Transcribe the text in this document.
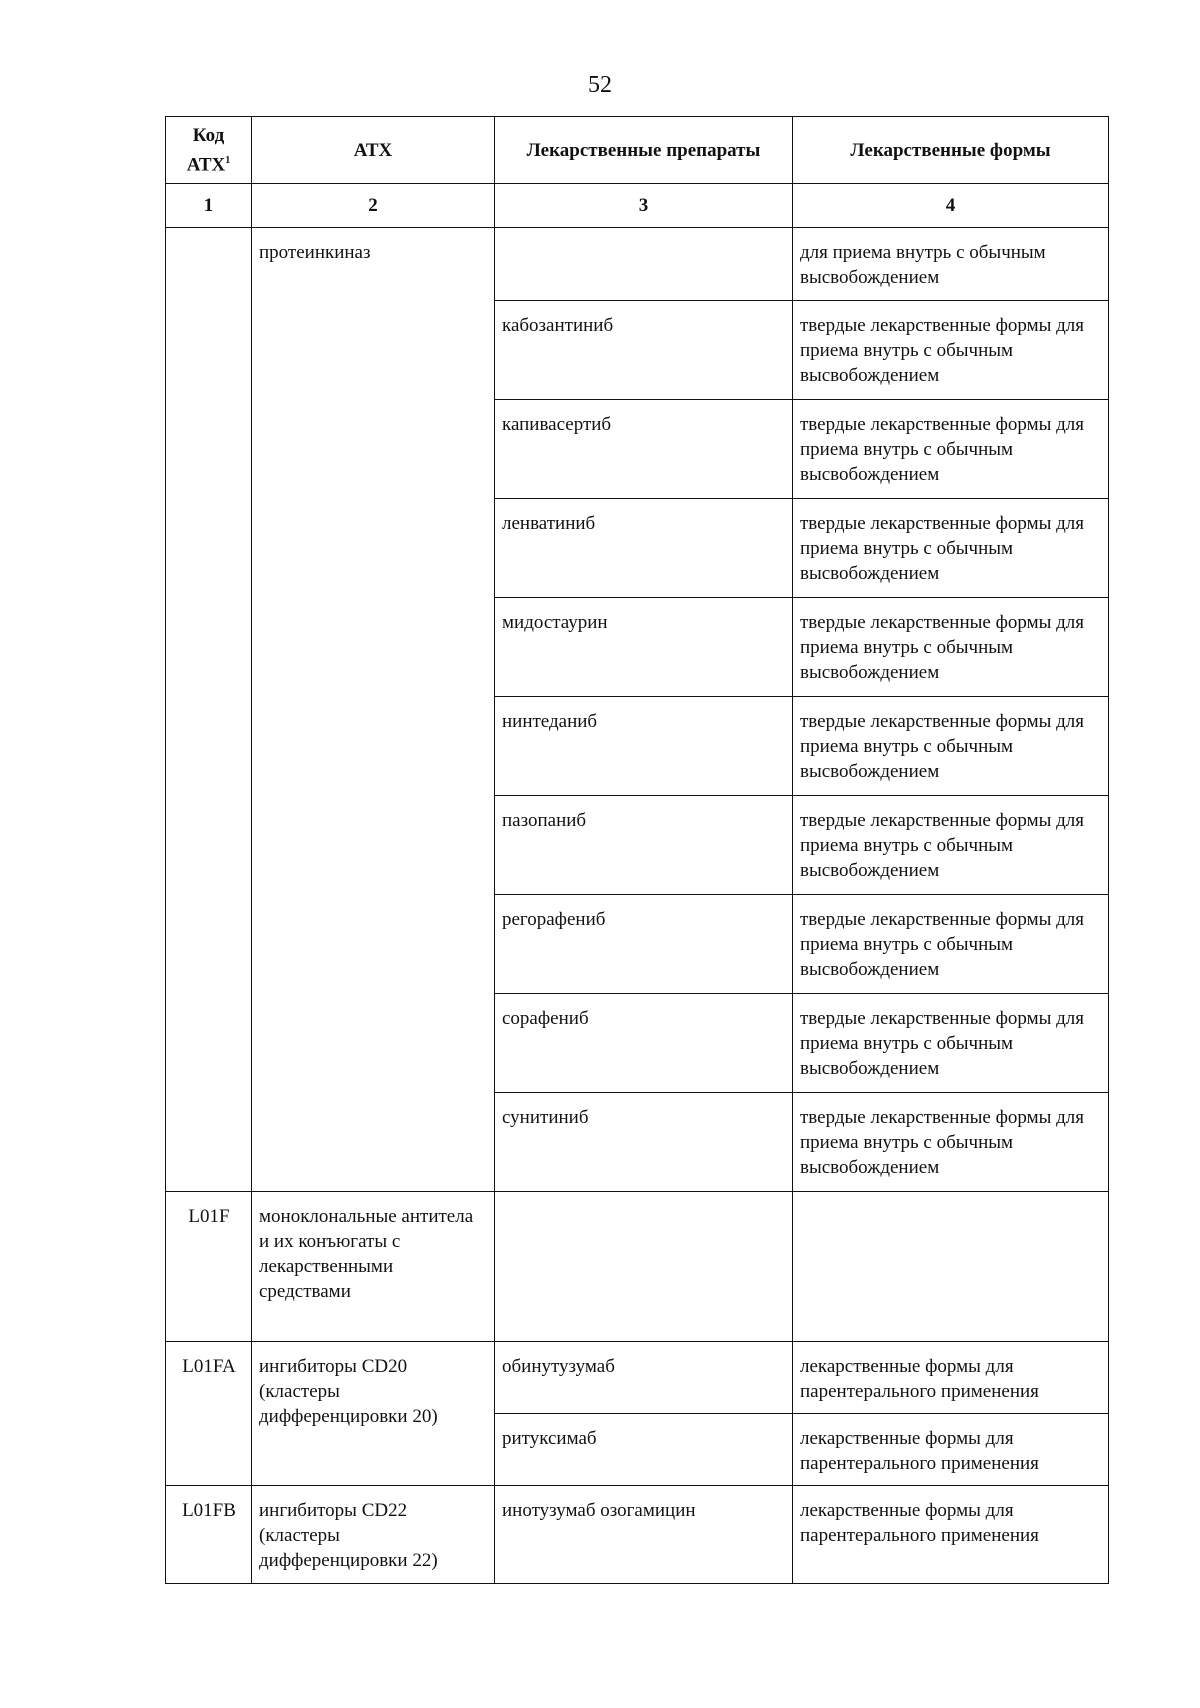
52
Код АТХ$^1$	АТХ	Лекарственные препараты	Лекарственные формы

1	2	3	4

	протеинкиназ		для приема внутрь с обычным высвобождением

		кабозантиниб	твердые лекарственные формы для приема внутрь с обычным высвобождением

		капивасертиб	твердые лекарственные формы для приема внутрь с обычным высвобождением

		ленватиниб	твердые лекарственные формы для приема внутрь с обычным высвобождением

		мидостаурин	твердые лекарственные формы для приема внутрь с обычным высвобождением

		нинтеданиб	твердые лекарственные формы для приема внутрь с обычным высвобождением

		пазопаниб	твердые лекарственные формы для приема внутрь с обычным высвобождением

		регорафениб	твердые лекарственные формы для приема внутрь с обычным высвобождением

		сорафениб	твердые лекарственные формы для приема внутрь с обычным высвобождением

		сунитиниб	твердые лекарственные формы для приема внутрь с обычным высвобождением

L01F	моноклональные антитела и их конъюгаты с лекарственными средствами		

L01FA	ингибиторы CD20 (кластеры дифференцировки 20)	обинутузумаб	лекарственные формы для парентерального применения

		ритуксимаб	лекарственные формы для парентерального применения

L01FB	ингибиторы CD22 (кластеры дифференцировки 22)	инотузумаб озогамицин	лекарственные формы для парентерального применения
